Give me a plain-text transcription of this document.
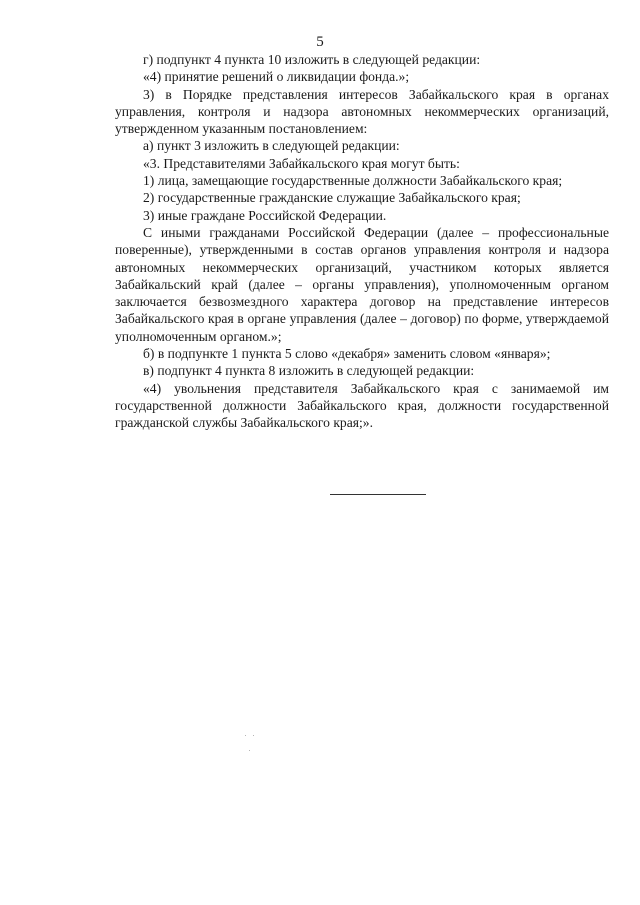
5

г) подпункт 4 пункта 10 изложить в следующей редакции:

«4) принятие решений о ликвидации фонда.»;

3) в Порядке представления интересов Забайкальского края в органах управления, контроля и надзора автономных некоммерческих организаций, утвержденном указанным постановлением:

а) пункт 3 изложить в следующей редакции:

«3. Представителями Забайкальского края могут быть:

1) лица, замещающие государственные должности Забайкальского края;

2) государственные гражданские служащие Забайкальского края;

3) иные граждане Российской Федерации.

С иными гражданами Российской Федерации (далее – профессиональные поверенные), утвержденными в состав органов управления контроля и надзора автономных некоммерческих организаций, участником которых является Забайкальский край (далее – органы управления), уполномоченным органом заключается безвозмездного характера договор на представление интересов Забайкальского края в органе управления (далее – договор) по форме, утверждаемой уполномоченным органом.»;

б) в подпункте 1 пункта 5 слово «декабря» заменить словом «января»;

в) подпункт 4 пункта 8 изложить в следующей редакции:

«4) увольнения представителя Забайкальского края с занимаемой им государственной должности Забайкальского края, должности государственной гражданской службы Забайкальского края;».
